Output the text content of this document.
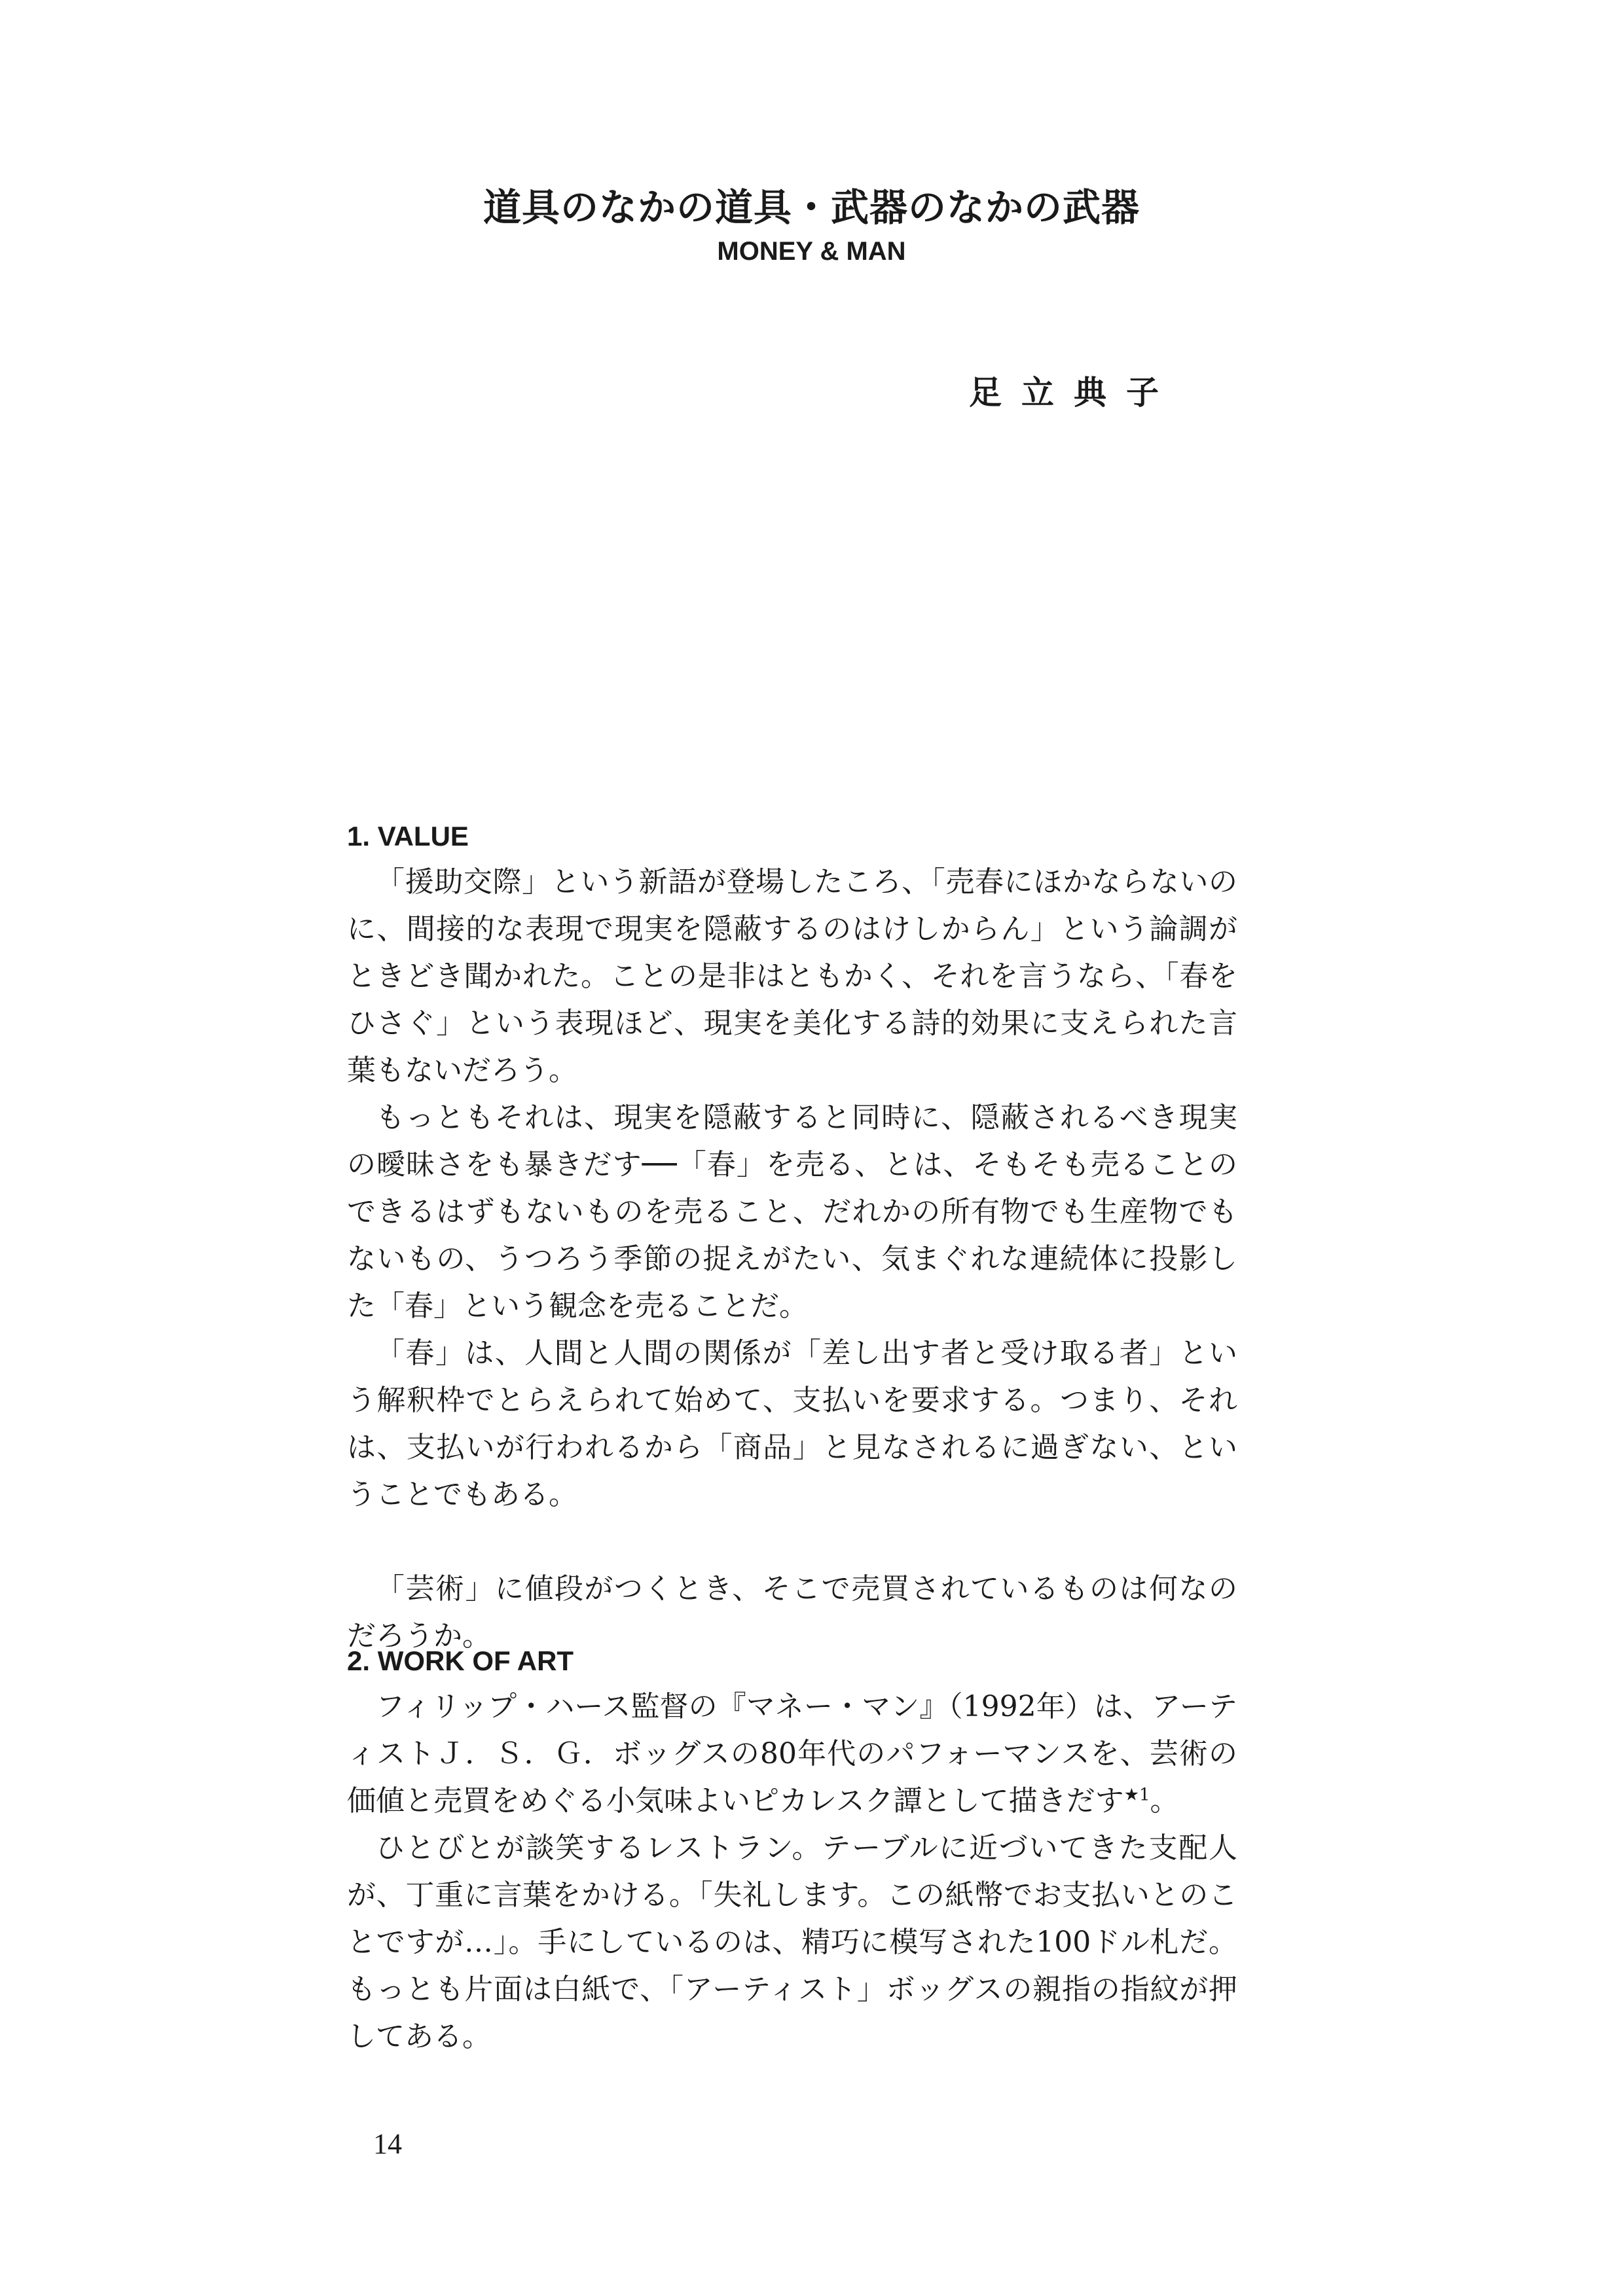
道具のなかの道具・武器のなかの武器
MONEY & MAN
足立典子
1. VALUE

「援助交際」という新語が登場したころ、「売春にほかならないのに、間接的な表現で現実を隠蔽するのはけしからん」という論調がときどき聞かれた。ことの是非はともかく、それを言うなら、「春をひさぐ」という表現ほど、現実を美化する詩的効果に支えられた言葉もないだろう。

もっともそれは、現実を隠蔽すると同時に、隠蔽されるべき現実の曖昧さをも暴きだす──「春」を売る、とは、そもそも売ることのできるはずもないものを売ること、だれかの所有物でも生産物でもないもの、うつろう季節の捉えがたい、気まぐれな連続体に投影した「春」という観念を売ることだ。

「春」は、人間と人間の関係が「差し出す者と受け取る者」という解釈枠でとらえられて始めて、支払いを要求する。つまり、それは、支払いが行われるから「商品」と見なされるに過ぎない、ということでもある。

「芸術」に値段がつくとき、そこで売買されているものは何なのだろうか。

2. WORK OF ART

フィリップ・ハース監督の『マネー・マン』（1992年）は、アーティストＪ．Ｓ．Ｇ．ボッグスの80年代のパフォーマンスを、芸術の価値と売買をめぐる小気味よいピカレスク譚として描きだす$^{★1}$。

ひとびとが談笑するレストラン。テーブルに近づいてきた支配人が、丁重に言葉をかける。「失礼します。この紙幣でお支払いとのことですが…」。手にしているのは、精巧に模写された100ドル札だ。もっとも片面は白紙で、「アーティスト」ボッグスの親指の指紋が押してある。

14
